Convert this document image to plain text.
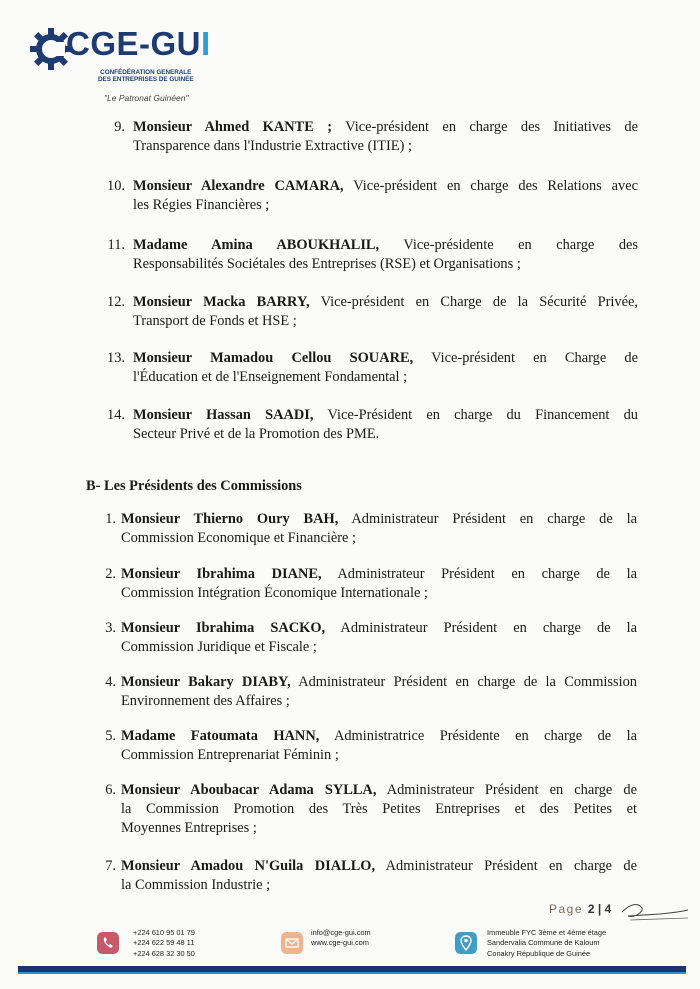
CGE-GUI
CONFÉDÉRATION GENERALE
DES ENTREPRISES DE GUINÉE
"Le Patronat Guinéen"
9. Monsieur Ahmed KANTE ; Vice-président en charge des Initiatives de
Transparence dans l'Industrie Extractive (ITIE) ;
10. Monsieur Alexandre CAMARA, Vice-président en charge des Relations avec
les Régies Financières ;
11. Madame Amina ABOUKHALIL, Vice-présidente en charge des
Responsabilités Sociétales des Entreprises (RSE) et Organisations ;
12. Monsieur Macka BARRY, Vice-président en Charge de la Sécurité Privée,
Transport de Fonds et HSE ;
13. Monsieur Mamadou Cellou SOUARE, Vice-président en Charge de
l'Éducation et de l'Enseignement Fondamental ;
14. Monsieur Hassan SAADI, Vice-Président en charge du Financement du
Secteur Privé et de la Promotion des PME.
B- Les Présidents des Commissions
1. Monsieur Thierno Oury BAH, Administrateur Président en charge de la
Commission Economique et Financière ;
2. Monsieur Ibrahima DIANE, Administrateur Président en charge de la
Commission Intégration Économique Internationale ;
3. Monsieur Ibrahima SACKO, Administrateur Président en charge de la
Commission Juridique et Fiscale ;
4. Monsieur Bakary DIABY, Administrateur Président en charge de la Commission
Environnement des Affaires ;
5. Madame Fatoumata HANN, Administratrice Présidente en charge de la
Commission Entreprenariat Féminin ;
6. Monsieur Aboubacar Adama SYLLA, Administrateur Président en charge de
la Commission Promotion des Très Petites Entreprises et des Petites et
Moyennes Entreprises ;
7. Monsieur Amadou N'Guila DIALLO, Administrateur Président en charge de
la Commission Industrie ;
Page 2 | 4
+224 610 95 01 79
+224 622 59 48 11
+224 628 32 30 50
info@cge-gui.com
www.cge-gui.com
Immeuble FYC 3ème et 4ème étage
Sandervalia Commune de Kaloum
Conakry République de Guinée
